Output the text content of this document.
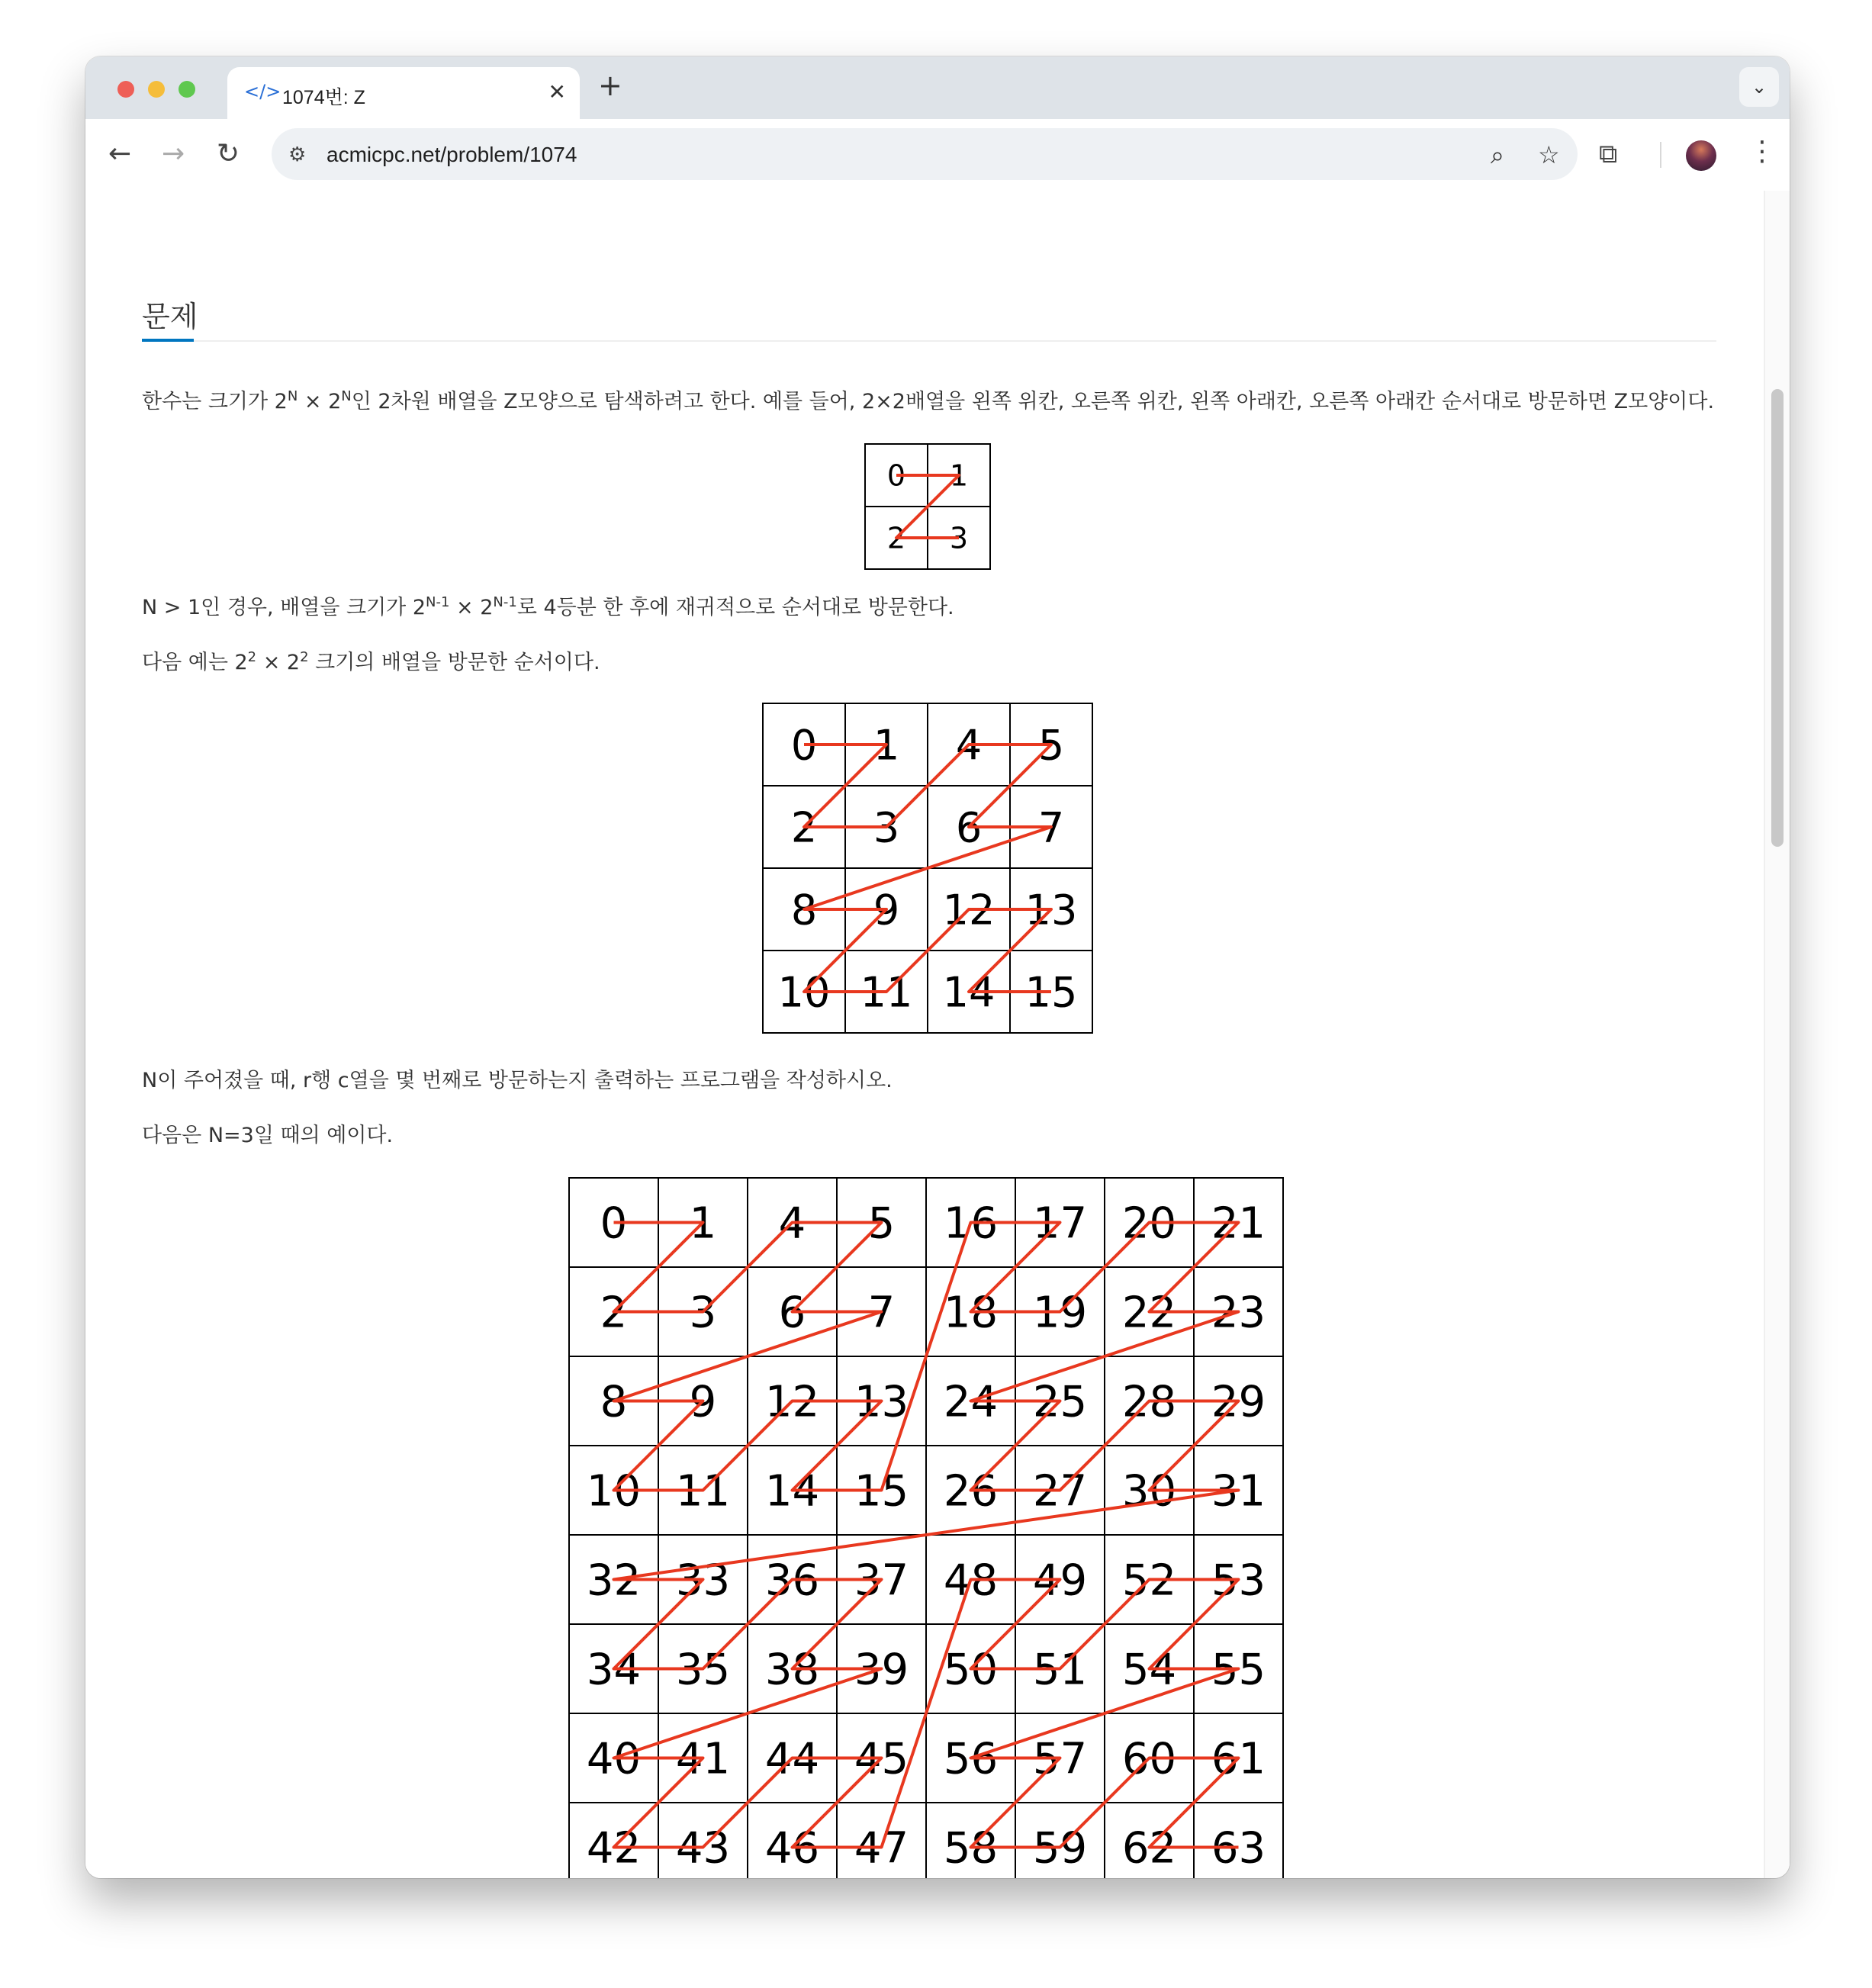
</> 1074번: Z	✕ +	⌄
← → ↻ ⚙ acmicpc.net/problem/1074	⌕ ☆ ⧉	⋮
문제
한수는 크기가 $2^N \times 2^N$인 2차원 배열을 Z모양으로 탐색하려고 한다. 예를 들어, 2×2배열을 왼쪽 위칸, 오른쪽 위칸, 왼쪽 아래칸, 오른쪽 아래칸 순서대로 방문하면 Z모양이다.
0 1
2 3
N > 1인 경우, 배열을 크기가 $2^{N-1} \times 2^{N-1}$로 4등분 한 후에 재귀적으로 순서대로 방문한다.
다음 예는 $2^2 \times 2^2$ 크기의 배열을 방문한 순서이다.
0 1 4 5
2 3 6 7
8 9 12 13
10 11 14 15
N이 주어졌을 때, r행 c열을 몇 번째로 방문하는지 출력하는 프로그램을 작성하시오.
다음은 N=3일 때의 예이다.
0 1 4 5 16 17 20 21
2 3 6 7 18 19 22 23
8 9 12 13 24 25 28 29
10 11 14 15 26 27 30 31
32 33 36 37 48 49 52 53
34 35 38 39 50 51 54 55
40 41 44 45 56 57 60 61
42 43 46 47 58 59 62 63
